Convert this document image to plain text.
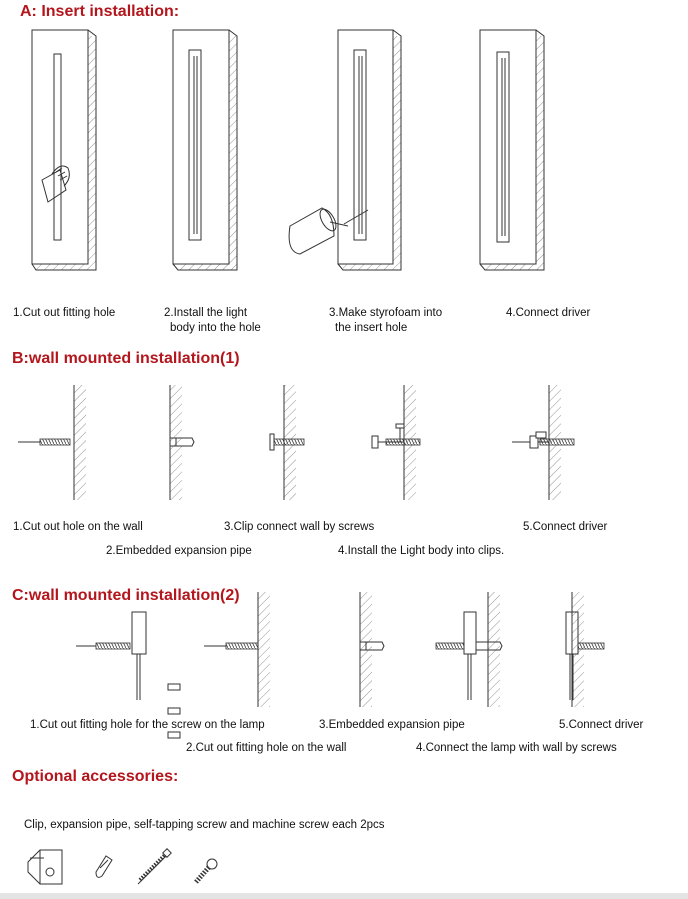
A: Insert installation:
B:wall mounted installation(1)
C:wall mounted installation(2)
Optional accessories:
1.Cut out fitting hole	2.Install the light
body into the hole
3.Make styrofoam into
the insert hole
4.Connect driver
1.Cut out hole on the wall
2.Embedded expansion pipe
3.Clip connect wall by screws
4.Install the Light body into clips.
5.Connect driver
1.Cut out fitting hole for the screw on the lamp
2.Cut out fitting hole on the wall
3.Embedded expansion pipe
4.Connect the lamp with wall by screws
5.Connect driver
Clip, expansion pipe, self-tapping screw and machine screw each 2pcs
